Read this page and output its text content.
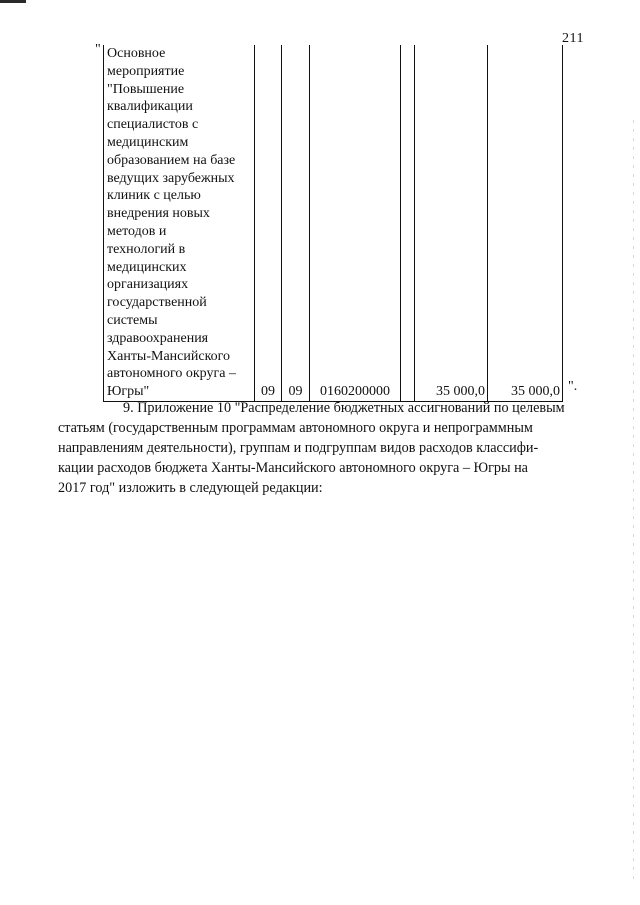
211
" Основное
мероприятие
"Повышение
квалификации
специалистов с
медицинским
образованием на базе
ведущих зарубежных
клиник с целью
внедрения новых
методов и
технологий в
медицинских
организациях
государственной
системы
здравоохранения
Ханты-Мансийского
автономного округа –
Югры"	09	09	0160200000		35 000,0	35 000,0 ".
9. Приложение 10 "Распределение бюджетных ассигнований по целевым
статьям (государственным программам автономного округа и непрограммным
направлениям деятельности), группам и подгруппам видов расходов классифи-
кации расходов бюджета Ханты-Мансийского автономного округа – Югры на
2017 год" изложить в следующей редакции:
